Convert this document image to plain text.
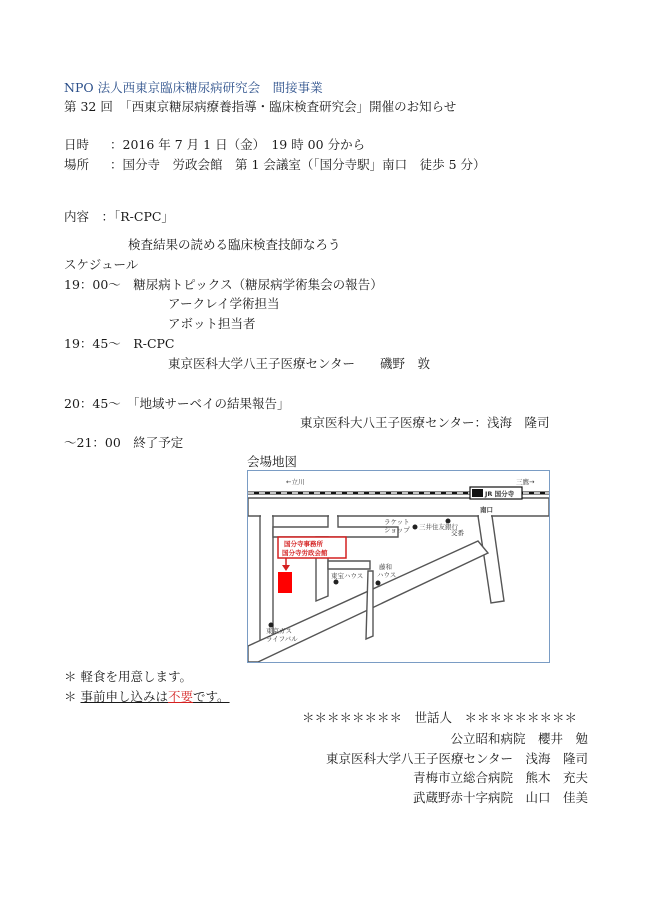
NPO 法人西東京臨床糖尿病研究会　間接事業
第 32 回　「西東京糖尿病療養指導・臨床検査研究会」開催のお知らせ
日時 ：2016 年 7 月 1 日（金）　19 時 00 分から
場所 ：国分寺　労政会館　第 1 会議室（「国分寺駅」南口　徒歩 5 分）
内容　：「R-CPC」
検査結果の読める臨床検査技師なろう
スケジュール
19：00～　糖尿病トピックス（糖尿病学術集会の報告）
アークレイ学術担当
アボット担当者
19：45～　R-CPC
東京医科大学八王子医療センター　　磯野　敦
20：45～　「地域サーベイの結果報告」
東京医科大八王子医療センター：浅海　隆司
～21：00　終了予定
会場地図
←立川	三鷹→
JR 国分寺
南口
ラケット
ショップ 三井住友銀行
交番
国分寺事務所
国分寺労政会館
東宝ハウス
藤和
ハウス
東京ガス
ライフバル
＊ 軽食を用意します。
＊ 事前申し込みは不要です。
＊＊＊＊＊＊＊＊　世話人　＊＊＊＊＊＊＊＊＊
公立昭和病院　櫻井　勉
東京医科大学八王子医療センター　浅海　隆司
青梅市立総合病院　熊木　充夫
武蔵野赤十字病院　山口　佳美
